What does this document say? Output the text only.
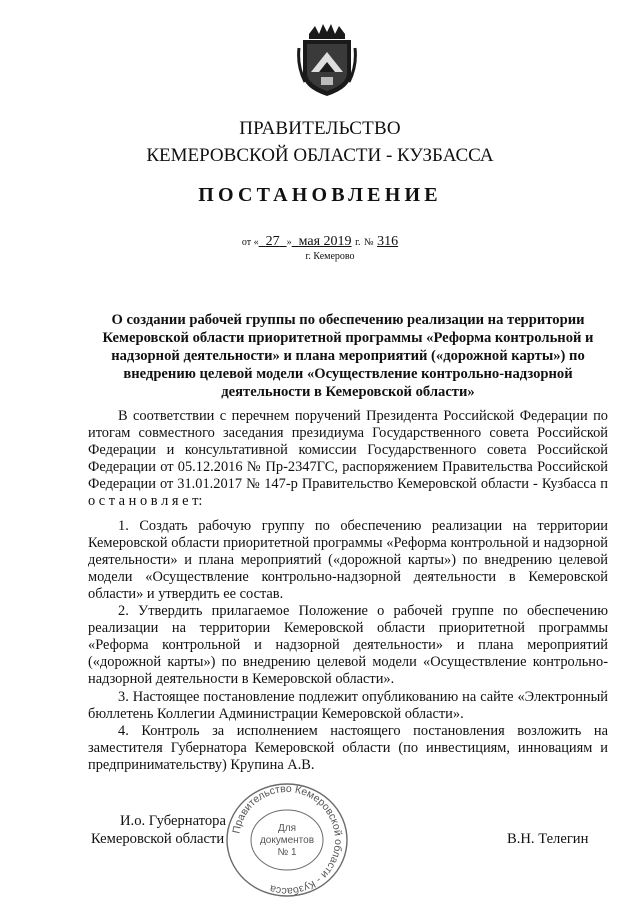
ПРАВИТЕЛЬСТВО
КЕМЕРОВСКОЙ ОБЛАСТИ - КУЗБАССА
ПОСТАНОВЛЕНИЕ
от « 27 » мая 2019 г. № 316
г. Кемерово
О создании рабочей группы по обеспечению реализации на территории Кемеровской области приоритетной программы «Реформа контрольной и надзорной деятельности» и плана мероприятий («дорожной карты») по внедрению целевой модели «Осуществление контрольно-надзорной деятельности в Кемеровской области»
В соответствии с перечнем поручений Президента Российской Федерации по итогам совместного заседания президиума Государственного совета Российской Федерации и консультативной комиссии Государственного совета Российской Федерации от 05.12.2016 № Пр-2347ГС, распоряжением Правительства Российской Федерации от 31.01.2017 № 147-р Правительство Кемеровской области - Кузбасса п о с т а н о в л я е т:
1. Создать рабочую группу по обеспечению реализации на территории Кемеровской области приоритетной программы «Реформа контрольной и надзорной деятельности» и плана мероприятий («дорожной карты») по внедрению целевой модели «Осуществление контрольно-надзорной деятельности в Кемеровской области» и утвердить ее состав.
2. Утвердить прилагаемое Положение о рабочей группе по обеспечению реализации на территории Кемеровской области приоритетной программы «Реформа контрольной и надзорной деятельности» и плана мероприятий («дорожной карты») по внедрению целевой модели «Осуществление контрольно-надзорной деятельности в Кемеровской области».
3. Настоящее постановление подлежит опубликованию на сайте «Электронный бюллетень Коллегии Администрации Кемеровской области».
4. Контроль за исполнением настоящего постановления возложить на заместителя Губернатора Кемеровской области (по инвестициям, инновациям и предпринимательству) Крупина А.В.
И.о. Губернатора
Кемеровской области	В.Н. Телегин
Правительство Кемеровской области - Кузбасса
Для
документов
№ 1
